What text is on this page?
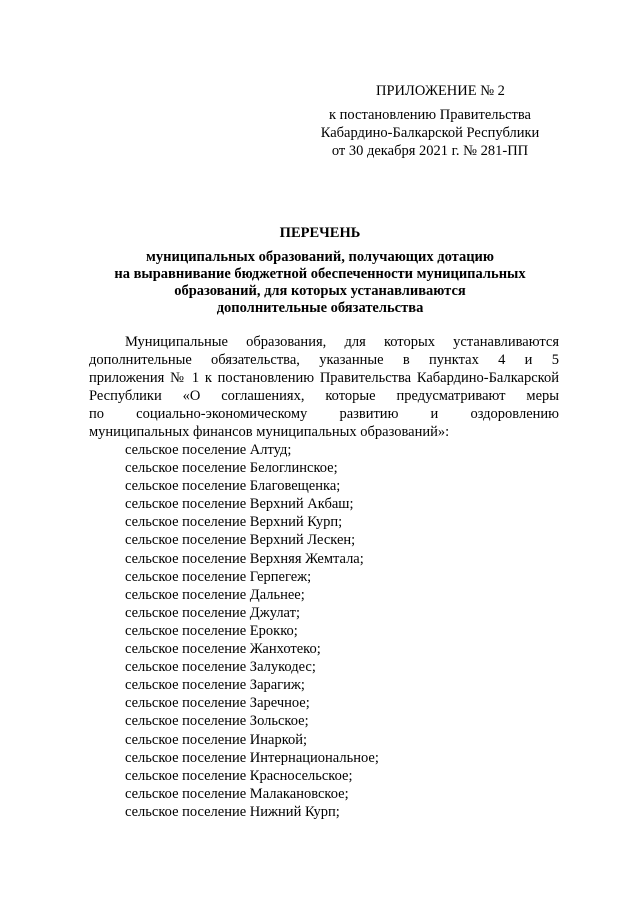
ПРИЛОЖЕНИЕ № 2
к постановлению Правительства
Кабардино-Балкарской Республики
от 30 декабря 2021 г. № 281-ПП
ПЕРЕЧЕНЬ
муниципальных образований, получающих дотацию
на выравнивание бюджетной обеспеченности муниципальных
образований, для которых устанавливаются
дополнительные обязательства
Муниципальные образования, для которых устанавливаются
дополнительные обязательства, указанные в пунктах 4 и 5
приложения № 1 к постановлению Правительства Кабардино-Балкарской
Республики «О соглашениях, которые предусматривают меры
по социально-экономическому развитию и оздоровлению
муниципальных финансов муниципальных образований»:
сельское поселение Алтуд;
сельское поселение Белоглинское;
сельское поселение Благовещенка;
сельское поселение Верхний Акбаш;
сельское поселение Верхний Курп;
сельское поселение Верхний Лескен;
сельское поселение Верхняя Жемтала;
сельское поселение Герпегеж;
сельское поселение Дальнее;
сельское поселение Джулат;
сельское поселение Ерокко;
сельское поселение Жанхотеко;
сельское поселение Залукодес;
сельское поселение Зарагиж;
сельское поселение Заречное;
сельское поселение Зольское;
сельское поселение Инаркой;
сельское поселение Интернациональное;
сельское поселение Красносельское;
сельское поселение Малакановское;
сельское поселение Нижний Курп;
